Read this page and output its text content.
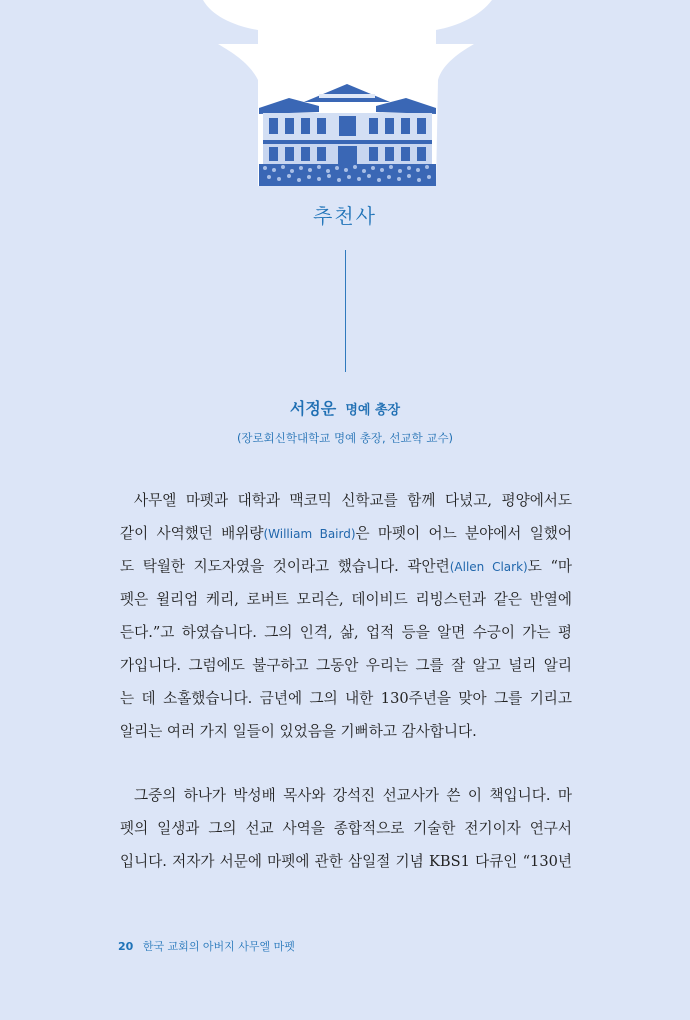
추천사
서정운 명예 총장
(장로회신학대학교 명예 총장, 선교학 교수)
사무엘 마펫과 대학과 맥코믹 신학교를 함께 다녔고, 평양에서도
같이 사역했던 배위량(William Baird)은 마펫이 어느 분야에서 일했어
도 탁월한 지도자였을 것이라고 했습니다. 곽안련(Allen Clark)도 “마
펫은 윌리엄 케리, 로버트 모리슨, 데이비드 리빙스턴과 같은 반열에
든다.”고 하였습니다. 그의 인격, 삶, 업적 등을 알면 수긍이 가는 평
가입니다. 그럼에도 불구하고 그동안 우리는 그를 잘 알고 널리 알리
는 데 소홀했습니다. 금년에 그의 내한 130주년을 맞아 그를 기리고
알리는 여러 가지 일들이 있었음을 기뻐하고 감사합니다.
그중의 하나가 박성배 목사와 강석진 선교사가 쓴 이 책입니다. 마
펫의 일생과 그의 선교 사역을 종합적으로 기술한 전기이자 연구서
입니다. 저자가 서문에 마펫에 관한 삼일절 기념 KBS1 다큐인 “130년
20 한국 교회의 아버지 사무엘 마펫
